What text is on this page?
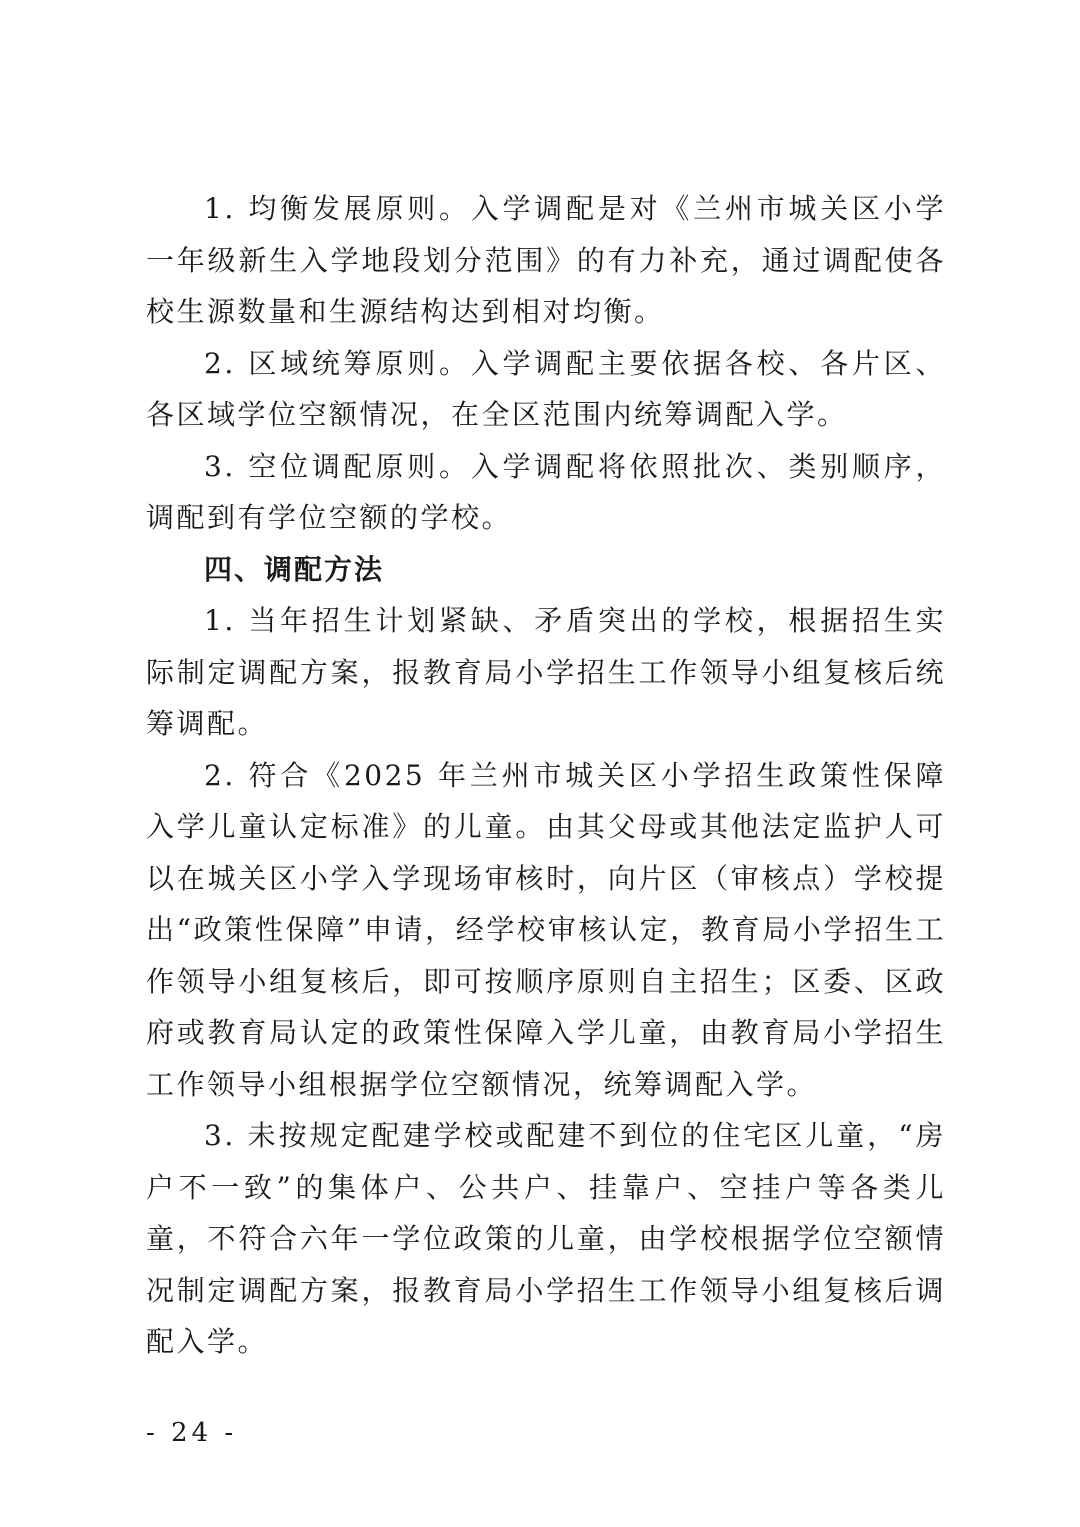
1. 均衡发展原则。入学调配是对《兰州市城关区小学一年级新生入学地段划分范围》的有力补充，通过调配使各校生源数量和生源结构达到相对均衡。

2. 区域统筹原则。入学调配主要依据各校、各片区、各区域学位空额情况，在全区范围内统筹调配入学。

3. 空位调配原则。入学调配将依照批次、类别顺序，调配到有学位空额的学校。

四、调配方法

1. 当年招生计划紧缺、矛盾突出的学校，根据招生实际制定调配方案，报教育局小学招生工作领导小组复核后统筹调配。

2. 符合《2025 年兰州市城关区小学招生政策性保障入学儿童认定标准》的儿童。由其父母或其他法定监护人可以在城关区小学入学现场审核时，向片区（审核点）学校提出“政策性保障”申请，经学校审核认定，教育局小学招生工作领导小组复核后，即可按顺序原则自主招生；区委、区政府或教育局认定的政策性保障入学儿童，由教育局小学招生工作领导小组根据学位空额情况，统筹调配入学。

3. 未按规定配建学校或配建不到位的住宅区儿童，“房户不一致”的集体户、公共户、挂靠户、空挂户等各类儿童，不符合六年一学位政策的儿童，由学校根据学位空额情况制定调配方案，报教育局小学招生工作领导小组复核后调配入学。

- 24 -
